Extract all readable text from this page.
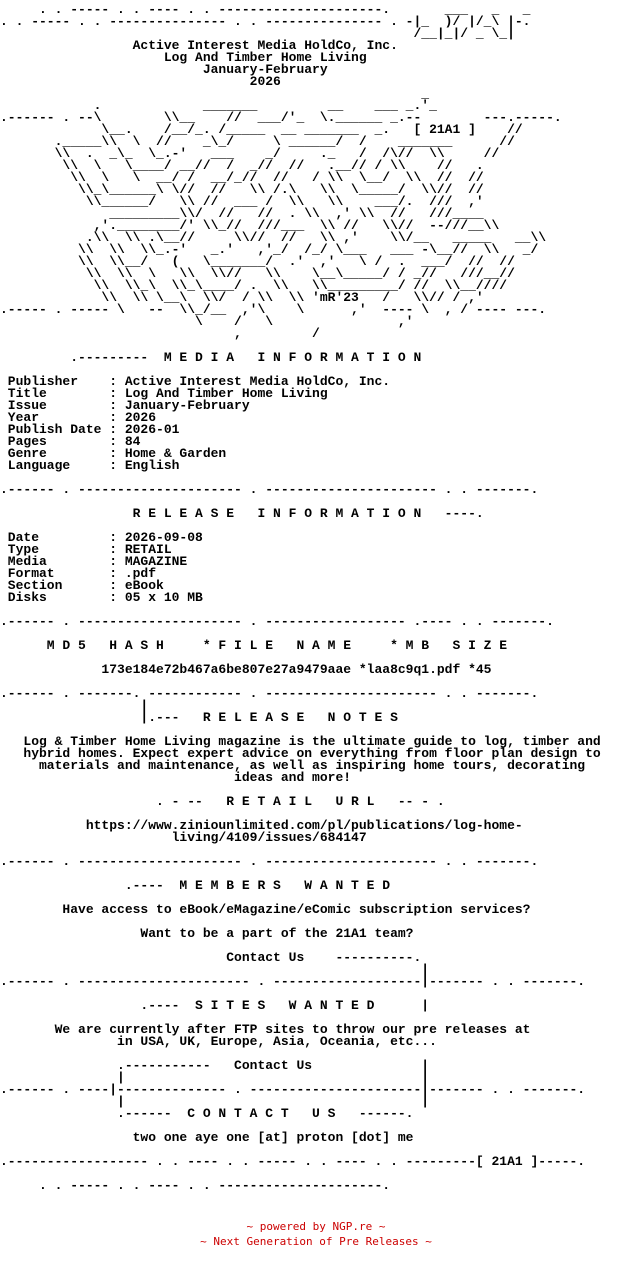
. . ----- . . ---- . . ---------------------.       ___   _   _
. . ----- . . --------------- . . --------------- . -|_  )/ |/_\ |-.
/__|_|/ _ \_|
Active Interest Media HoldCo, Inc.
Log And Timber Home Living
January-February
2026
_
.             _______         __    ___ _.'_
.------ . --\        \\__    //  ___/'_  \.______ _.--        ---.-----.
\__.    /__/_. /_____  __ _______  _.   [ 21A1 ]    //
._____\\  \  //    _\_/     \ ______/  /    _______      //
\\  .  _\_  \_.-'   ___    _/     ._   /  /\//  \\     //
\\  \   \____/ __//  /  _//  //   .__// / \\    //   .
\\  \   \  __/ /  __/_//  //   / \\  \__/  \\  //  //
\\_\______\ \//  //   \\ /.\   \\  \_____/  \\//  //
\\______/   \\ //  ___ /  \\   \\    ___/.  ///  ,'
_________\\/  //   //  . \\  ,' \\  //   ///____
,'.________/' \\_//  ///___  \\ //   \\//  --///__\\
.\\  \\ .\__//     \\//  //   \\ ,'    \\/__   _____   __\\
\\  \\  \\_.-'   _.'   ,'_/  /_/ \___   ___ -\__//  \\   _/
\\  \\__/   (   \_______/  .'  ,'   \ /  .  ___/  //  //
\\  \\  \   \\  \\//   \\    \__\_____/ / _//   ///__//
\\  \\_\  \\_\____/ .  \\   \\_________/ //  \\__////
\\  \\ \__\  \\/  / \\  \\ 'mR'23   /   \\// / ,'
.----- . ----- \   --  \\_/__  ,'\    \      ,'  ---- \  , / ---- ---.
\    /   \                ,'
,         /

.---------  M E D I A   I N F O R M A T I O N

Publisher    : Active Interest Media HoldCo, Inc.
Title        : Log And Timber Home Living
Issue        : January-February
Year         : 2026
Publish Date : 2026-01
Pages        : 84
Genre        : Home & Garden
Language     : English

.------ . --------------------- . ---------------------- . . -------.

R E L E A S E   I N F O R M A T I O N   ----.

Date         : 2026-09-08
Type         : RETAIL
Media        : MAGAZINE
Format       : .pdf
Section      : eBook
Disks        : 05 x 10 MB

.------ . --------------------- . ------------------ .---- . . -------.

M D 5   H A S H     * F I L E   N A M E     * M B   S I Z E

173e184e72b467a6be807e27a9479aae *laa8c9q1.pdf *45

.------ . -------. ------------ . ---------------------- . . -------.
|
|.---   R E L E A S E   N O T E S

Log & Timber Home Living magazine is the ultimate guide to log, timber and
hybrid homes. Expect expert advice on everything from floor plan design to
materials and maintenance, as well as inspiring home tours, decorating
ideas and more!

. - --   R E T A I L   U R L   -- - .

https://www.ziniounlimited.com/pl/publications/log-home-
living/4109/issues/684147

.------ . --------------------- . ---------------------- . . -------.

.----  M E M B E R S   W A N T E D

Have access to eBook/eMagazine/eComic subscription services?

Want to be a part of the 21A1 team?

Contact Us    ----------.
|
.------ . ---------------------- . -------------------|------- . . -------.

.----  S I T E S   W A N T E D      |

We are currently after FTP sites to throw our pre releases at
in USA, UK, Europe, Asia, Oceania, etc...

.-----------   Contact Us              |
|                                      |
.------ . ----|-------------- . ----------------------|------- . . -------.
|                                      |
.------  C O N T A C T   U S   ------.

two one aye one [at] proton [dot] me

.------------------ . . ---- . . ----- . . ---- . . ---------[ 21A1 ]-----.

. . ----- . . ---- . . ---------------------.
~ powered by NGP.re ~
~ Next Generation of Pre Releases ~
